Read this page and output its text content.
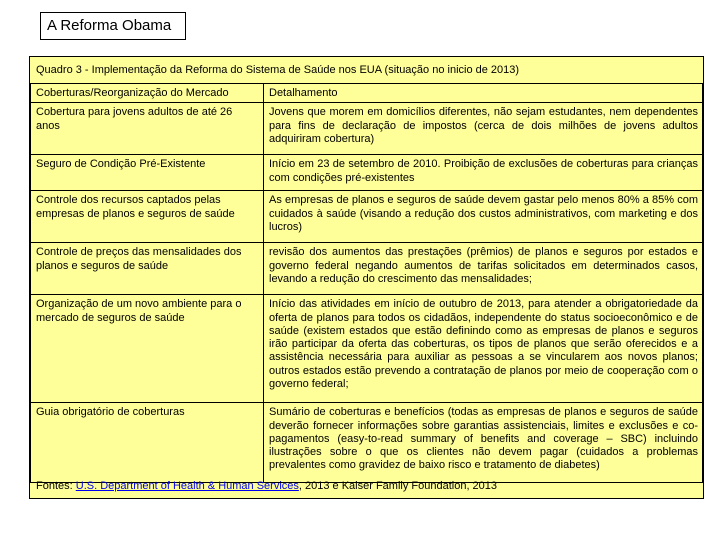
A Reforma Obama
Quadro 3 - Implementação da Reforma do Sistema de Saúde nos EUA (situação no inicio de 2013)
Coberturas/Reorganização do Mercado	Detalhamento
Cobertura para jovens adultos de até 26 anos	Jovens que morem em domicílios diferentes, não sejam estudantes, nem dependentes para fins de declaração de impostos (cerca de dois milhões de jovens adultos adquiriram cobertura)
Seguro de Condição Pré-Existente	Início em 23 de setembro de 2010. Proibição de exclusões de coberturas para crianças com condições pré-existentes
Controle dos recursos captados pelas empresas de planos e seguros de saúde	As empresas de planos e seguros de saúde devem gastar pelo menos 80% a 85% com cuidados à saúde (visando a redução dos custos administrativos, com marketing e dos lucros)
Controle de preços das mensalidades dos planos e seguros de saúde	revisão dos aumentos das prestações (prêmios) de planos e seguros por estados e governo federal negando aumentos de tarifas solicitados em determinados casos, levando a redução do crescimento das mensalidades;
Organização de um novo ambiente para o mercado de seguros de saúde	Início das atividades em início de outubro de 2013, para atender a obrigatoriedade da oferta de planos para todos os cidadãos, independente do status socioeconômico e de saúde (existem estados que estão definindo como as empresas de planos e seguros irão participar da oferta das coberturas, os tipos de planos que serão oferecidos e a assistência necessária para auxiliar as pessoas a se vincularem aos novos planos; outros estados estão prevendo a contratação de planos por meio de cooperação com o governo federal;
Guia obrigatório de coberturas	Sumário de coberturas e benefícios (todas as empresas de planos e seguros de saúde deverão fornecer informações sobre garantias assistenciais, limites e exclusões e co-pagamentos (easy-to-read summary of benefits and coverage – SBC) incluindo ilustrações sobre o que os clientes não devem pagar (cuidados a problemas prevalentes como gravidez de baixo risco e tratamento de diabetes)
Fontes: U.S. Department of Health & Human Services, 2013 e Kaiser Family Foundation, 2013
